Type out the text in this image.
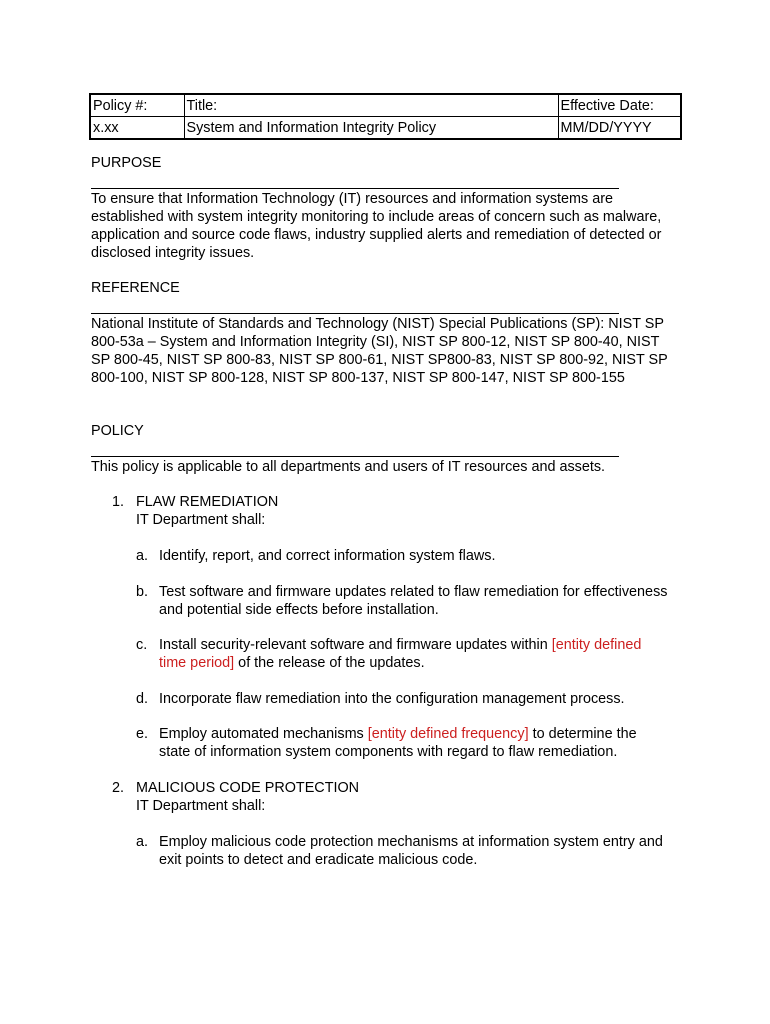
Policy #:	Title:	Effective Date:
x.xx	System and Information Integrity Policy	MM/DD/YYYY
PURPOSE
To ensure that Information Technology (IT) resources and information systems are established with system integrity monitoring to include areas of concern such as malware, application and source code flaws, industry supplied alerts and remediation of detected or disclosed integrity issues.
REFERENCE
National Institute of Standards and Technology (NIST) Special Publications (SP): NIST SP 800-53a – System and Information Integrity (SI), NIST SP 800-12, NIST SP 800-40, NIST SP 800-45, NIST SP 800-83, NIST SP 800-61, NIST SP800-83, NIST SP 800-92, NIST SP 800-100, NIST SP 800-128, NIST SP 800-137, NIST SP 800-147, NIST SP 800-155
POLICY
This policy is applicable to all departments and users of IT resources and assets.
1. FLAW REMEDIATION
IT Department shall:
a. Identify, report, and correct information system flaws.
b. Test software and firmware updates related to flaw remediation for effectiveness and potential side effects before installation.
c. Install security-relevant software and firmware updates within [entity defined time period] of the release of the updates.
d. Incorporate flaw remediation into the configuration management process.
e. Employ automated mechanisms [entity defined frequency] to determine the state of information system components with regard to flaw remediation.
2. MALICIOUS CODE PROTECTION
IT Department shall:
a. Employ malicious code protection mechanisms at information system entry and exit points to detect and eradicate malicious code.
